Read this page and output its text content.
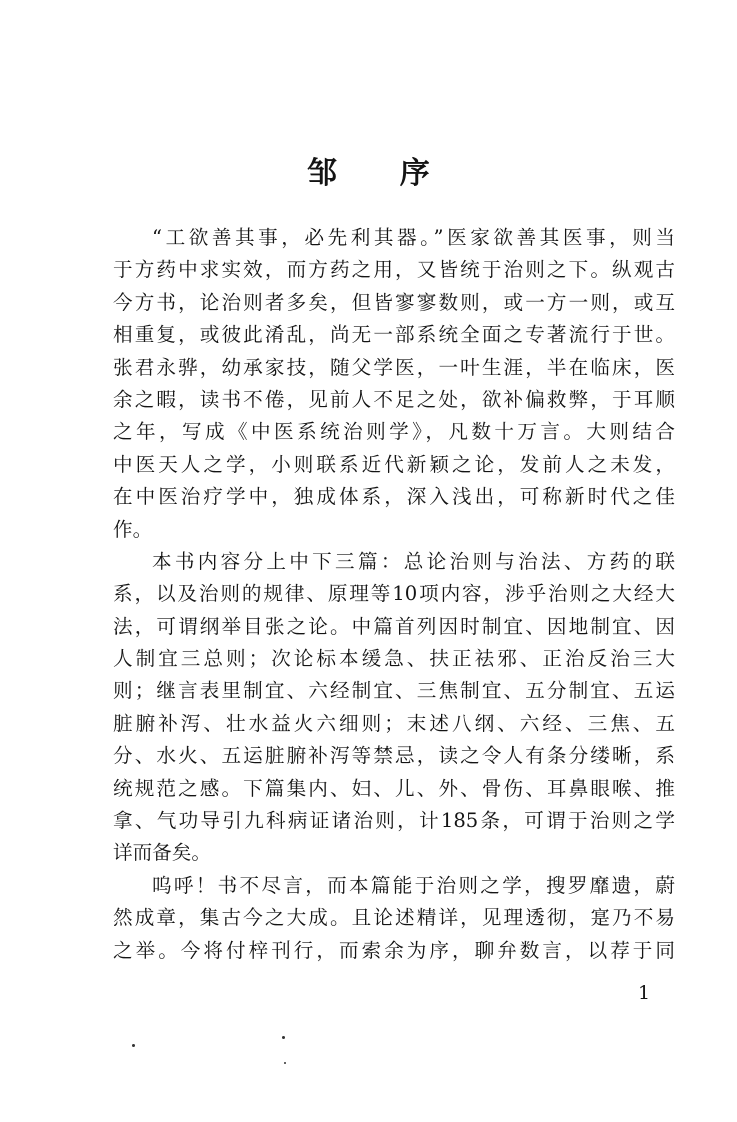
邹 序

“工欲善其事，必先利其器。”医家欲善其医事，则当
于方药中求实效，而方药之用，又皆统于治则之下。纵观古
今方书，论治则者多矣，但皆寥寥数则，或一方一则，或互
相重复，或彼此淆乱，尚无一部系统全面之专著流行于世。
张君永骅，幼承家技，随父学医，一叶生涯，半在临床，医
余之暇，读书不倦，见前人不足之处，欲补偏救弊，于耳顺
之年，写成《中医系统治则学》，凡数十万言。大则结合
中医天人之学，小则联系近代新颖之论，发前人之未发，
在中医治疗学中，独成体系，深入浅出，可称新时代之佳
作。

本书内容分上中下三篇：总论治则与治法、方药的联
系，以及治则的规律、原理等10项内容，涉乎治则之大经大
法，可谓纲举目张之论。中篇首列因时制宜、因地制宜、因
人制宜三总则；次论标本缓急、扶正祛邪、正治反治三大
则；继言表里制宜、六经制宜、三焦制宜、五分制宜、五运
脏腑补泻、壮水益火六细则；末述八纲、六经、三焦、五
分、水火、五运脏腑补泻等禁忌，读之令人有条分缕晰，系
统规范之感。下篇集内、妇、儿、外、骨伤、耳鼻眼喉、推
拿、气功导引九科病证诸治则，计185条，可谓于治则之学
详而备矣。

呜呼！书不尽言，而本篇能于治则之学，搜罗靡遗，蔚
然成章，集古今之大成。且论述精详，见理透彻，寔乃不易
之举。今将付梓刊行，而索余为序，聊弁数言，以荐于同

1
